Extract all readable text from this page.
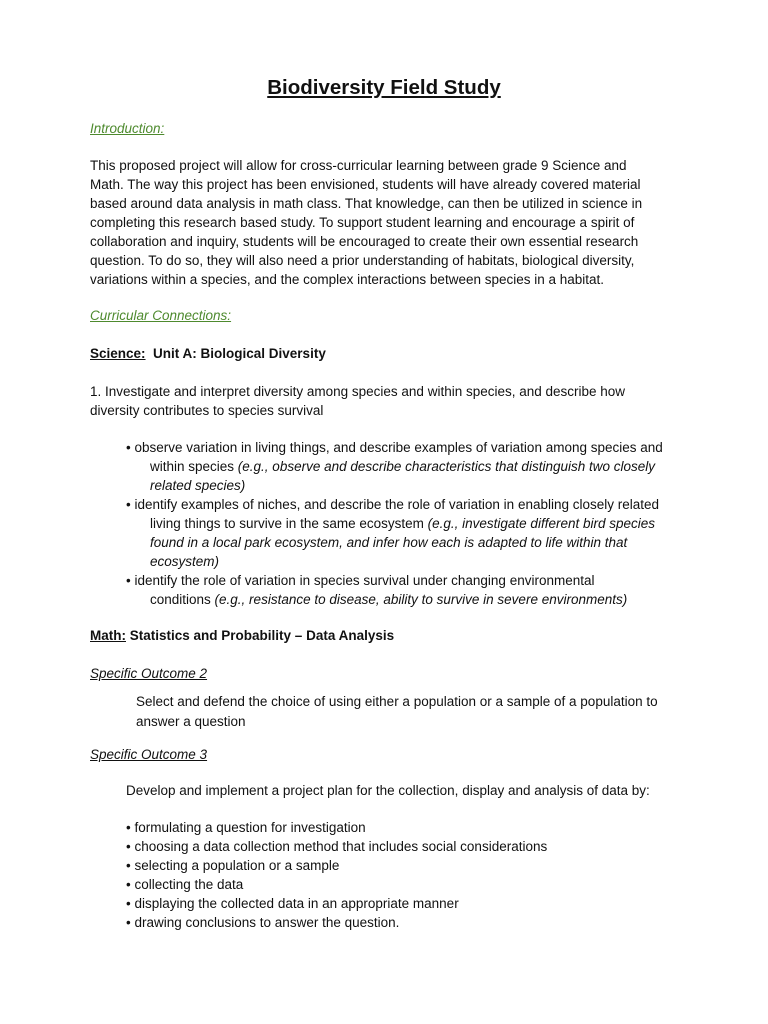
Biodiversity Field Study
Introduction:
This proposed project will allow for cross-curricular learning between grade 9 Science and
Math. The way this project has been envisioned, students will have already covered material
based around data analysis in math class. That knowledge, can then be utilized in science in
completing this research based study. To support student learning and encourage a spirit of
collaboration and inquiry, students will be encouraged to create their own essential research
question. To do so, they will also need a prior understanding of habitats, biological diversity,
variations within a species, and the complex interactions between species in a habitat.
Curricular Connections:
Science: Unit A: Biological Diversity
1. Investigate and interpret diversity among species and within species, and describe how
diversity contributes to species survival
• observe variation in living things, and describe examples of variation among species and
within species (e.g., observe and describe characteristics that distinguish two closely
related species)
• identify examples of niches, and describe the role of variation in enabling closely related
living things to survive in the same ecosystem (e.g., investigate different bird species
found in a local park ecosystem, and infer how each is adapted to life within that
ecosystem)
• identify the role of variation in species survival under changing environmental
conditions (e.g., resistance to disease, ability to survive in severe environments)
Math: Statistics and Probability – Data Analysis
Specific Outcome 2
Select and defend the choice of using either a population or a sample of a population to
answer a question
Specific Outcome 3
Develop and implement a project plan for the collection, display and analysis of data by:
• formulating a question for investigation
• choosing a data collection method that includes social considerations
• selecting a population or a sample
• collecting the data
• displaying the collected data in an appropriate manner
• drawing conclusions to answer the question.
